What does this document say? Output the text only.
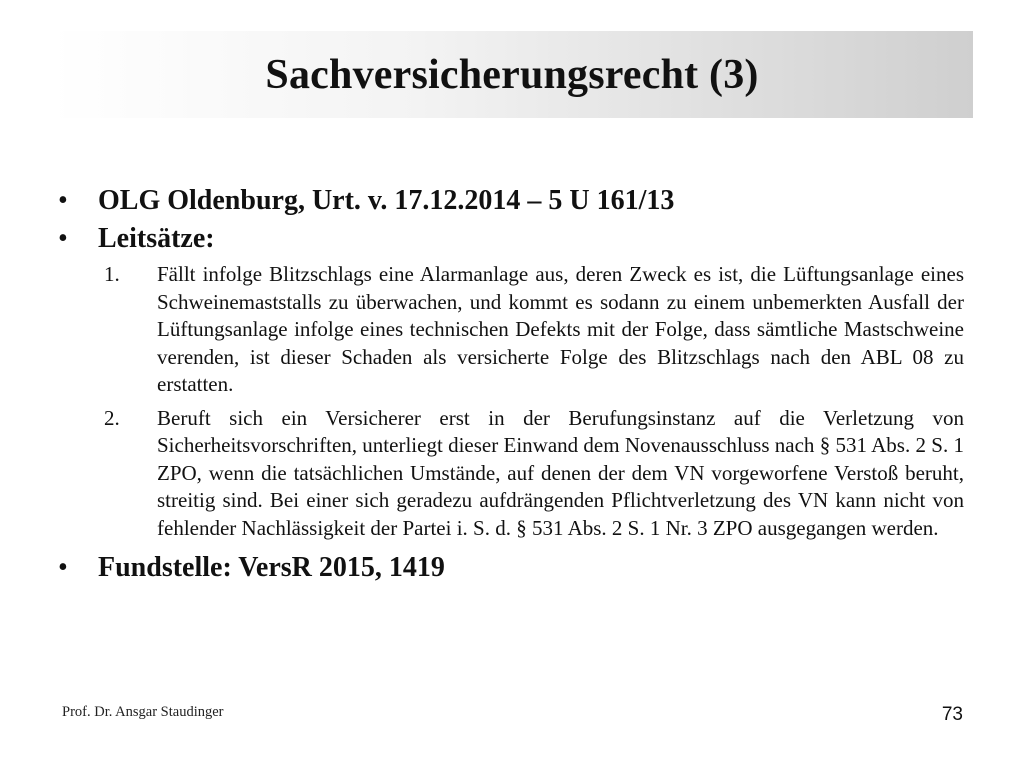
Sachversicherungsrecht (3)
•	OLG Oldenburg, Urt. v. 17.12.2014 – 5 U 161/13
•	Leitsätze:
1.	Fällt infolge Blitzschlags eine Alarmanlage aus, deren Zweck es ist, die Lüftungsanlage eines Schweinemaststalls zu überwachen, und kommt es sodann zu einem unbemerkten Ausfall der Lüftungsanlage infolge eines technischen Defekts mit der Folge, dass sämtliche Mastschweine verenden, ist dieser Schaden als versicherte Folge des Blitzschlags nach den ABL 08 zu erstatten.
2.	Beruft sich ein Versicherer erst in der Berufungsinstanz auf die Verletzung von Sicherheitsvorschriften, unterliegt dieser Einwand dem Novenausschluss nach § 531 Abs. 2 S. 1 ZPO, wenn die tatsächlichen Umstände, auf denen der dem VN vorgeworfene Verstoß beruht, streitig sind. Bei einer sich geradezu aufdrängenden Pflichtverletzung des VN kann nicht von fehlender Nachlässigkeit der Partei i. S. d. § 531 Abs. 2 S. 1 Nr. 3 ZPO ausgegangen werden.
•	Fundstelle: VersR 2015, 1419
Prof. Dr. Ansgar Staudinger	73
